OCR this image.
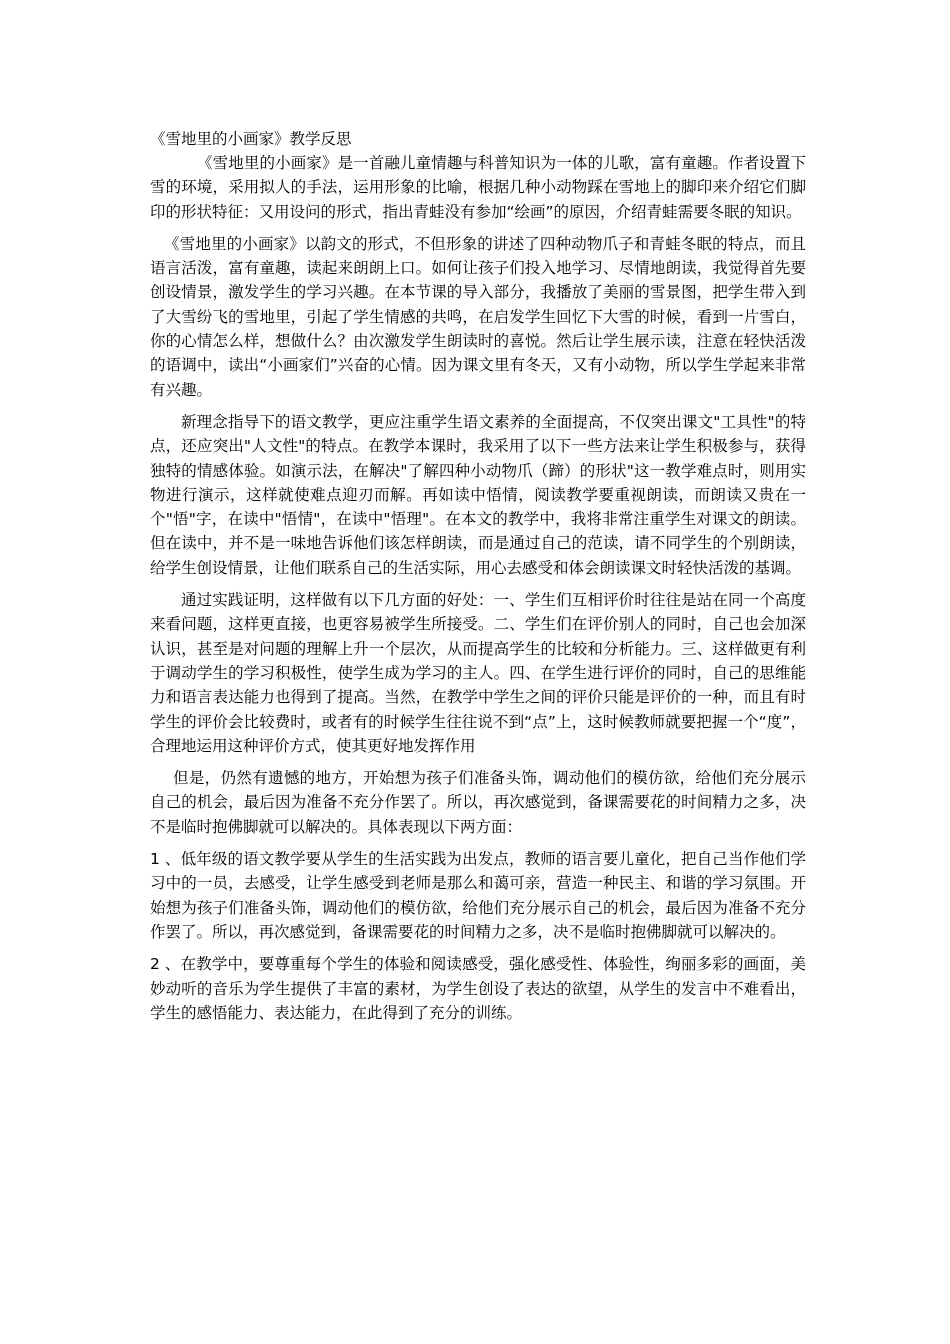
《雪地里的小画家》教学反思

《雪地里的小画家》是一首融儿童情趣与科普知识为一体的儿歌，富有童趣。作者设置下雪的环境，采用拟人的手法，运用形象的比喻，根据几种小动物踩在雪地上的脚印来介绍它们脚印的形状特征：又用设问的形式，指出青蛙没有参加“绘画”的原因，介绍青蛙需要冬眠的知识。

《雪地里的小画家》以韵文的形式，不但形象的讲述了四种动物爪子和青蛙冬眠的特点，而且语言活泼，富有童趣，读起来朗朗上口。如何让孩子们投入地学习、尽情地朗读，我觉得首先要创设情景，激发学生的学习兴趣。在本节课的导入部分，我播放了美丽的雪景图，把学生带入到了大雪纷飞的雪地里，引起了学生情感的共鸣，在启发学生回忆下大雪的时候，看到一片雪白，你的心情怎么样，想做什么？由次激发学生朗读时的喜悦。然后让学生展示读，注意在轻快活泼的语调中，读出“小画家们”兴奋的心情。因为课文里有冬天，又有小动物，所以学生学起来非常有兴趣。

新理念指导下的语文教学，更应注重学生语文素养的全面提高，不仅突出课文"工具性"的特点，还应突出"人文性"的特点。在教学本课时，我采用了以下一些方法来让学生积极参与，获得独特的情感体验。如演示法，在解决"了解四种小动物爪（蹄）的形状"这一教学难点时，则用实物进行演示，这样就使难点迎刃而解。再如读中悟情，阅读教学要重视朗读，而朗读又贵在一个"悟"字，在读中"悟情"，在读中"悟理"。在本文的教学中，我将非常注重学生对课文的朗读。但在读中，并不是一味地告诉他们该怎样朗读，而是通过自己的范读，请不同学生的个别朗读，给学生创设情景，让他们联系自己的生活实际，用心去感受和体会朗读课文时轻快活泼的基调。

通过实践证明，这样做有以下几方面的好处：一、学生们互相评价时往往是站在同一个高度来看问题，这样更直接，也更容易被学生所接受。二、学生们在评价别人的同时，自己也会加深认识，甚至是对问题的理解上升一个层次，从而提高学生的比较和分析能力。三、这样做更有利于调动学生的学习积极性，使学生成为学习的主人。四、在学生进行评价的同时，自己的思维能力和语言表达能力也得到了提高。当然，在教学中学生之间的评价只能是评价的一种，而且有时学生的评价会比较费时，或者有的时候学生往往说不到“点”上，这时候教师就要把握一个“度”，合理地运用这种评价方式，使其更好地发挥作用

但是，仍然有遗憾的地方，开始想为孩子们准备头饰，调动他们的模仿欲，给他们充分展示自己的机会，最后因为准备不充分作罢了。所以，再次感觉到，备课需要花的时间精力之多，决不是临时抱佛脚就可以解决的。具体表现以下两方面：

1 、低年级的语文教学要从学生的生活实践为出发点，教师的语言要儿童化，把自己当作他们学习中的一员，去感受，让学生感受到老师是那么和蔼可亲，营造一种民主、和谐的学习氛围。开始想为孩子们准备头饰，调动他们的模仿欲，给他们充分展示自己的机会，最后因为准备不充分作罢了。所以，再次感觉到，备课需要花的时间精力之多，决不是临时抱佛脚就可以解决的。

2 、在教学中，要尊重每个学生的体验和阅读感受，强化感受性、体验性，绚丽多彩的画面，美妙动听的音乐为学生提供了丰富的素材，为学生创设了表达的欲望，从学生的发言中不难看出，学生的感悟能力、表达能力，在此得到了充分的训练。
